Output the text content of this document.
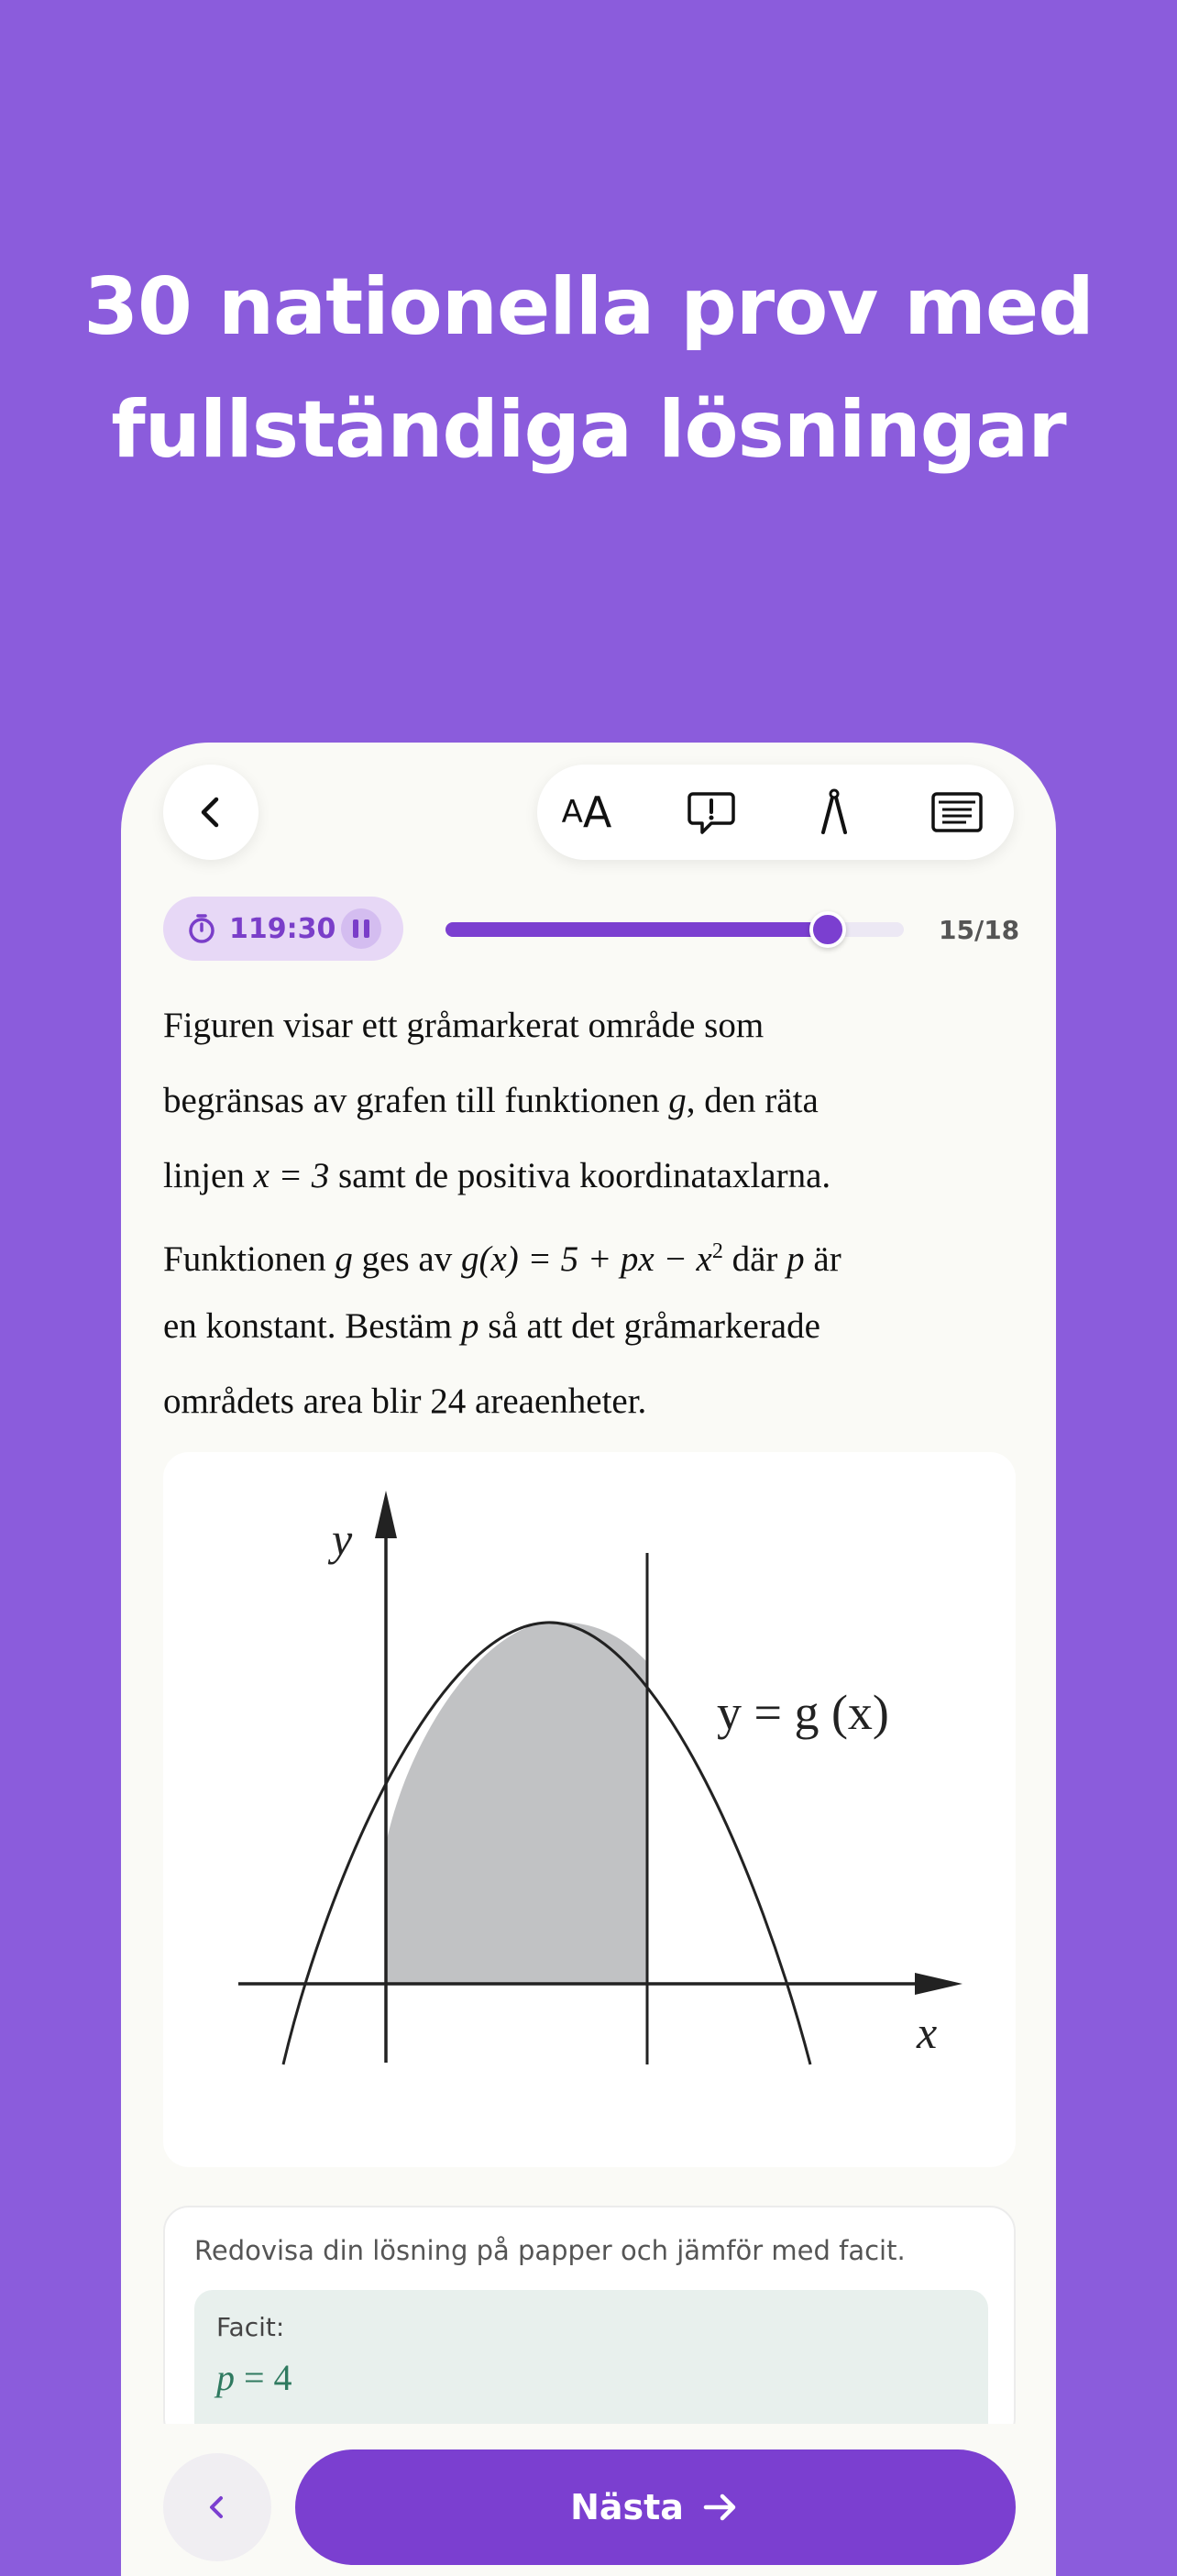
30 nationella prov med
fullständiga lösningar
A A
119:30	15/18
Figuren visar ett gråmarkerat område som
begränsas av grafen till funktionen g, den räta
linjen x = 3 samt de positiva koordinataxlarna.
Funktionen g ges av g(x) = 5 + px − $x^2$ där p är
en konstant. Bestäm p så att det gråmarkerade
områdets area blir 24 areaenheter.
y
x
y = g (x)
Redovisa din lösning på papper och jämför med facit.
Facit:
p = 4
Nästa
